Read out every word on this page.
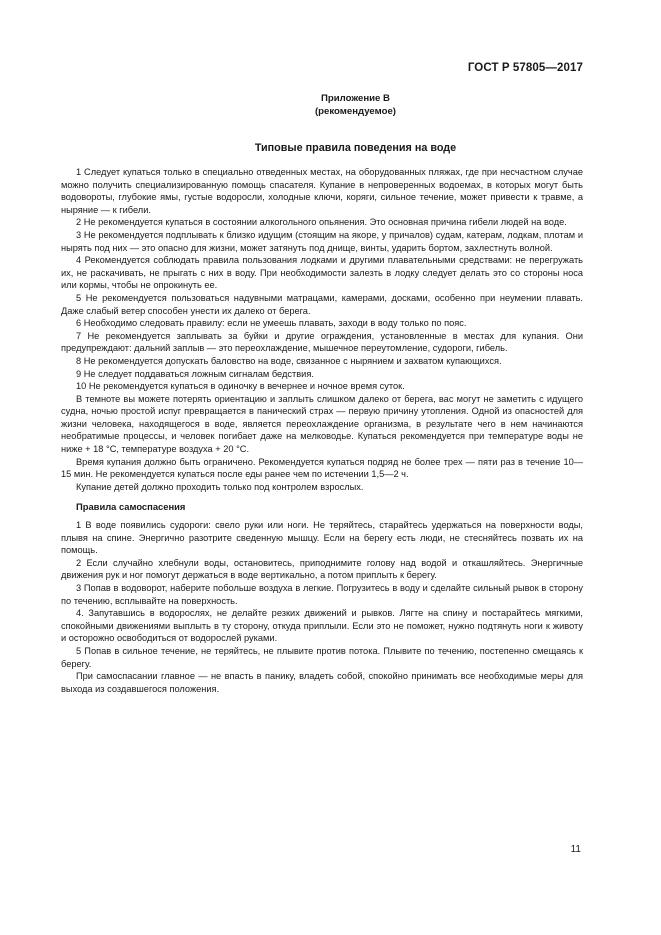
ГОСТ Р 57805—2017
Приложение В
(рекомендуемое)
Типовые правила поведения на воде

1 Следует купаться только в специально отведенных местах, на оборудованных пляжах, где при несчастном случае можно получить специализированную помощь спасателя. Купание в непроверенных водоемах, в которых могут быть водовороты, глубокие ямы, густые водоросли, холодные ключи, коряги, сильное течение, может привести к травме, а ныряние — к гибели.

2 Не рекомендуется купаться в состоянии алкогольного опьянения. Это основная причина гибели людей на воде.

3 Не рекомендуется подплывать к близко идущим (стоящим на якоре, у причалов) судам, катерам, лодкам, плотам и нырять под них — это опасно для жизни, может затянуть под днище, винты, ударить бортом, захлестнуть волной.

4 Рекомендуется соблюдать правила пользования лодками и другими плавательными средствами: не перегружать их, не раскачивать, не прыгать с них в воду. При необходимости залезть в лодку следует делать это со стороны носа или кормы, чтобы не опрокинуть ее.

5 Не рекомендуется пользоваться надувными матрацами, камерами, досками, особенно при неумении плавать. Даже слабый ветер способен унести их далеко от берега.

6 Необходимо следовать правилу: если не умеешь плавать, заходи в воду только по пояс.

7 Не рекомендуется заплывать за буйки и другие ограждения, установленные в местах для купания. Они предупреждают: дальний заплыв — это переохлаждение, мышечное переутомление, судороги, гибель.

8 Не рекомендуется допускать баловство на воде, связанное с нырянием и захватом купающихся.

9 Не следует поддаваться ложным сигналам бедствия.

10 Не рекомендуется купаться в одиночку в вечернее и ночное время суток.

В темноте вы можете потерять ориентацию и заплыть слишком далеко от берега, вас могут не заметить с идущего судна, ночью простой испуг превращается в панический страх — первую причину утопления. Одной из опасностей для жизни человека, находящегося в воде, является переохлаждение организма, в результате чего в нем начинаются необратимые процессы, и человек погибает даже на мелководье. Купаться рекомендуется при температуре воды не ниже + 18 °С, температуре воздуха + 20 °С.

Время купания должно быть ограничено. Рекомендуется купаться подряд не более трех — пяти раз в течение 10—15 мин. Не рекомендуется купаться после еды ранее чем по истечении 1,5—2 ч.

Купание детей должно проходить только под контролем взрослых.

Правила самоспасения

1 В воде появились судороги: свело руки или ноги. Не теряйтесь, старайтесь удержаться на поверхности воды, плывя на спине. Энергично разотрите сведенную мышцу. Если на берегу есть люди, не стесняйтесь позвать их на помощь.

2 Если случайно хлебнули воды, остановитесь, приподнимите голову над водой и откашляйтесь. Энергичные движения рук и ног помогут держаться в воде вертикально, а потом приплыть к берегу.

3 Попав в водоворот, наберите побольше воздуха в легкие. Погрузитесь в воду и сделайте сильный рывок в сторону по течению, всплывайте на поверхность.

4. Запутавшись в водорослях, не делайте резких движений и рывков. Лягте на спину и постарайтесь мягкими, спокойными движениями выплыть в ту сторону, откуда приплыли. Если это не поможет, нужно подтянуть ноги к животу и осторожно освободиться от водорослей руками.

5 Попав в сильное течение, не теряйтесь, не плывите против потока. Плывите по течению, постепенно смещаясь к берегу.

При самоспасании главное — не впасть в панику, владеть собой, спокойно принимать все необходимые меры для выхода из создавшегося положения.

11
